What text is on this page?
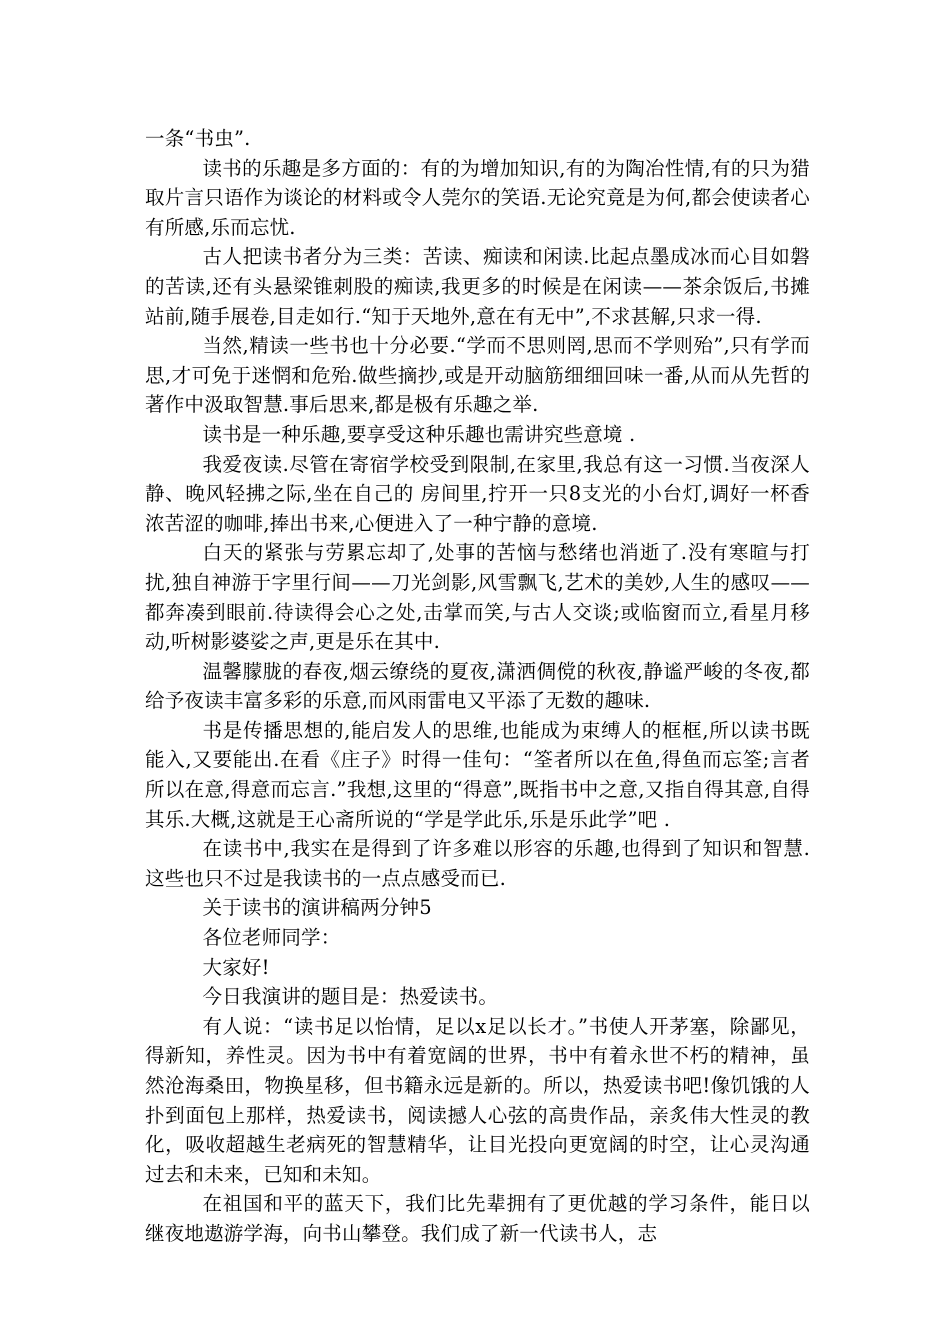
一条“书虫”.

读书的乐趣是多方面的：有的为增加知识,有的为陶冶性情,有的只为猎取片言只语作为谈论的材料或令人莞尔的笑语.无论究竟是为何,都会使读者心有所感,乐而忘忧.

古人把读书者分为三类：苦读、痴读和闲读.比起点墨成冰而心目如磐的苦读,还有头悬梁锥刺股的痴读,我更多的时候是在闲读——茶余饭后,书摊站前,随手展卷,目走如行.“知于天地外,意在有无中”,不求甚解,只求一得.

当然,精读一些书也十分必要.“学而不思则罔,思而不学则殆”,只有学而思,才可免于迷惘和危殆.做些摘抄,或是开动脑筋细细回味一番,从而从先哲的著作中汲取智慧.事后思来,都是极有乐趣之举.

读书是一种乐趣,要享受这种乐趣也需讲究些意境 .

我爱夜读.尽管在寄宿学校受到限制,在家里,我总有这一习惯.当夜深人静、晚风轻拂之际,坐在自己的 房间里,拧开一只8支光的小台灯,调好一杯香浓苦涩的咖啡,捧出书来,心便进入了一种宁静的意境.

白天的紧张与劳累忘却了,处事的苦恼与愁绪也消逝了.没有寒暄与打扰,独自神游于字里行间——刀光剑影,风雪飘飞,艺术的美妙,人生的感叹——都奔凑到眼前.待读得会心之处,击掌而笑,与古人交谈;或临窗而立,看星月移动,听树影婆娑之声,更是乐在其中.

温馨朦胧的春夜,烟云缭绕的夏夜,潇洒倜傥的秋夜,静谧严峻的冬夜,都给予夜读丰富多彩的乐意,而风雨雷电又平添了无数的趣味.

书是传播思想的,能启发人的思维,也能成为束缚人的框框,所以读书既能入,又要能出.在看《庄子》时得一佳句：“筌者所以在鱼,得鱼而忘筌;言者所以在意,得意而忘言.”我想,这里的“得意”,既指书中之意,又指自得其意,自得其乐.大概,这就是王心斋所说的“学是学此乐,乐是乐此学”吧 .

在读书中,我实在是得到了许多难以形容的乐趣,也得到了知识和智慧.这些也只不过是我读书的一点点感受而已.

关于读书的演讲稿两分钟5

各位老师同学：

大家好!

今日我演讲的题目是：热爱读书。

有人说：“读书足以怡情，足以x足以长才。”书使人开茅塞，除鄙见，得新知，养性灵。因为书中有着宽阔的世界，书中有着永世不朽的精神，虽然沧海桑田，物换星移，但书籍永远是新的。所以，热爱读书吧!像饥饿的人扑到面包上那样，热爱读书，阅读撼人心弦的高贵作品，亲炙伟大性灵的教化，吸收超越生老病死的智慧精华，让目光投向更宽阔的时空，让心灵沟通过去和未来，已知和未知。

在祖国和平的蓝天下，我们比先辈拥有了更优越的学习条件，能日以继夜地遨游学海，向书山攀登。我们成了新一代读书人，志
